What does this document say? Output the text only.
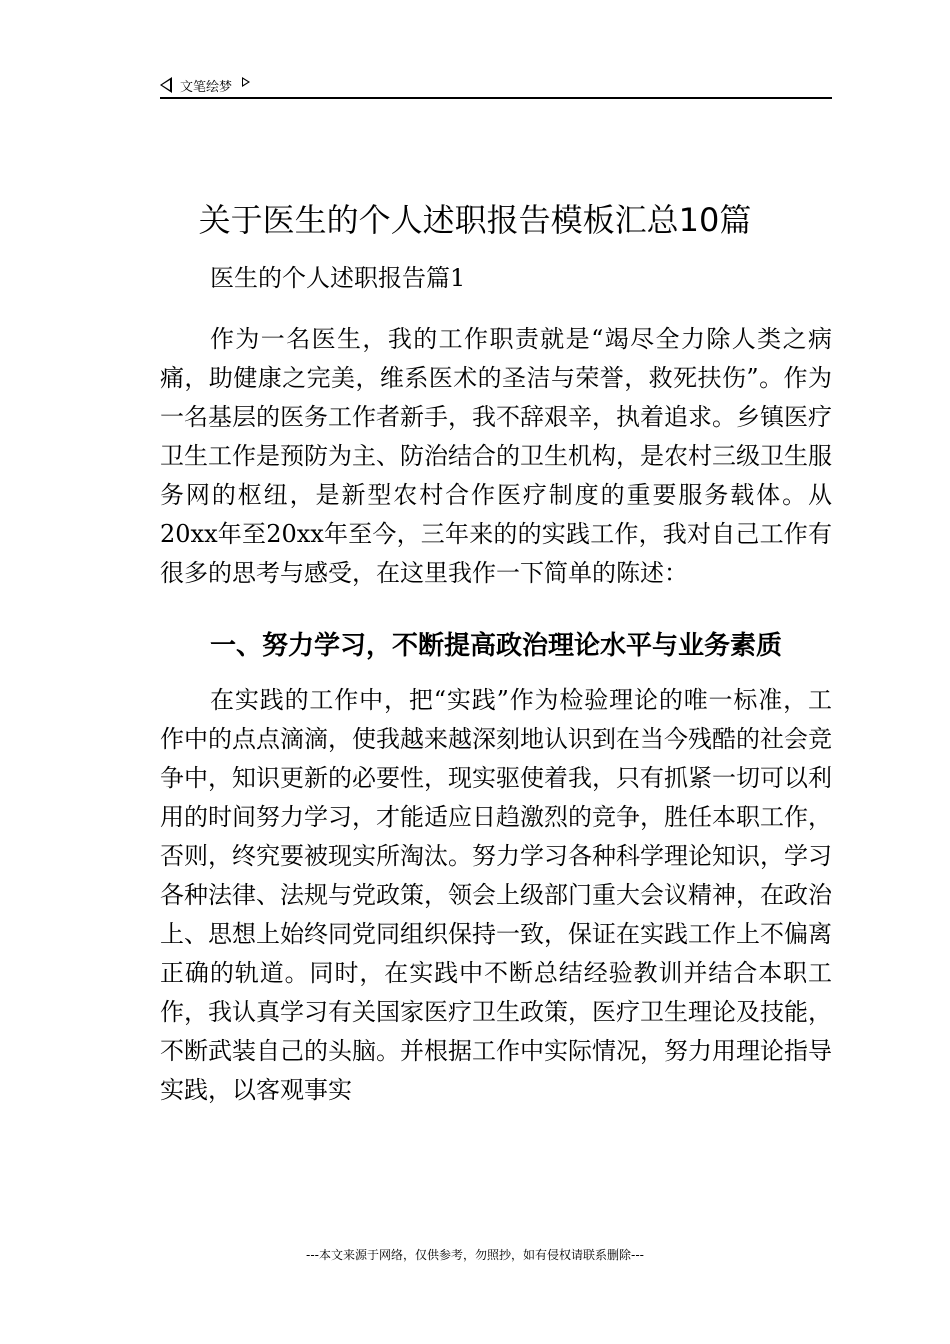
文笔绘梦
关于医生的个人述职报告模板汇总10篇

医生的个人述职报告篇1

作为一名医生，我的工作职责就是“竭尽全力除人类之病痛，助健康之完美，维系医术的圣洁与荣誉，救死扶伤”。作为一名基层的医务工作者新手，我不辞艰辛，执着追求。乡镇医疗卫生工作是预防为主、防治结合的卫生机构，是农村三级卫生服务网的枢纽，是新型农村合作医疗制度的重要服务载体。从20xx年至20xx年至今，三年来的的实践工作，我对自己工作有很多的思考与感受，在这里我作一下简单的陈述：

一、努力学习，不断提高政治理论水平与业务素质

在实践的工作中，把“实践”作为检验理论的唯一标准，工作中的点点滴滴，使我越来越深刻地认识到在当今残酷的社会竞争中，知识更新的必要性，现实驱使着我，只有抓紧一切可以利用的时间努力学习，才能适应日趋激烈的竞争，胜任本职工作，否则，终究要被现实所淘汰。努力学习各种科学理论知识，学习各种法律、法规与党政策，领会上级部门重大会议精神，在政治上、思想上始终同党同组织保持一致，保证在实践工作上不偏离正确的轨道。同时，在实践中不断总结经验教训并结合本职工作，我认真学习有关国家医疗卫生政策，医疗卫生理论及技能，不断武装自己的头脑。并根据工作中实际情况，努力用理论指导实践，以客观事实

---本文来源于网络，仅供参考，勿照抄，如有侵权请联系删除---
